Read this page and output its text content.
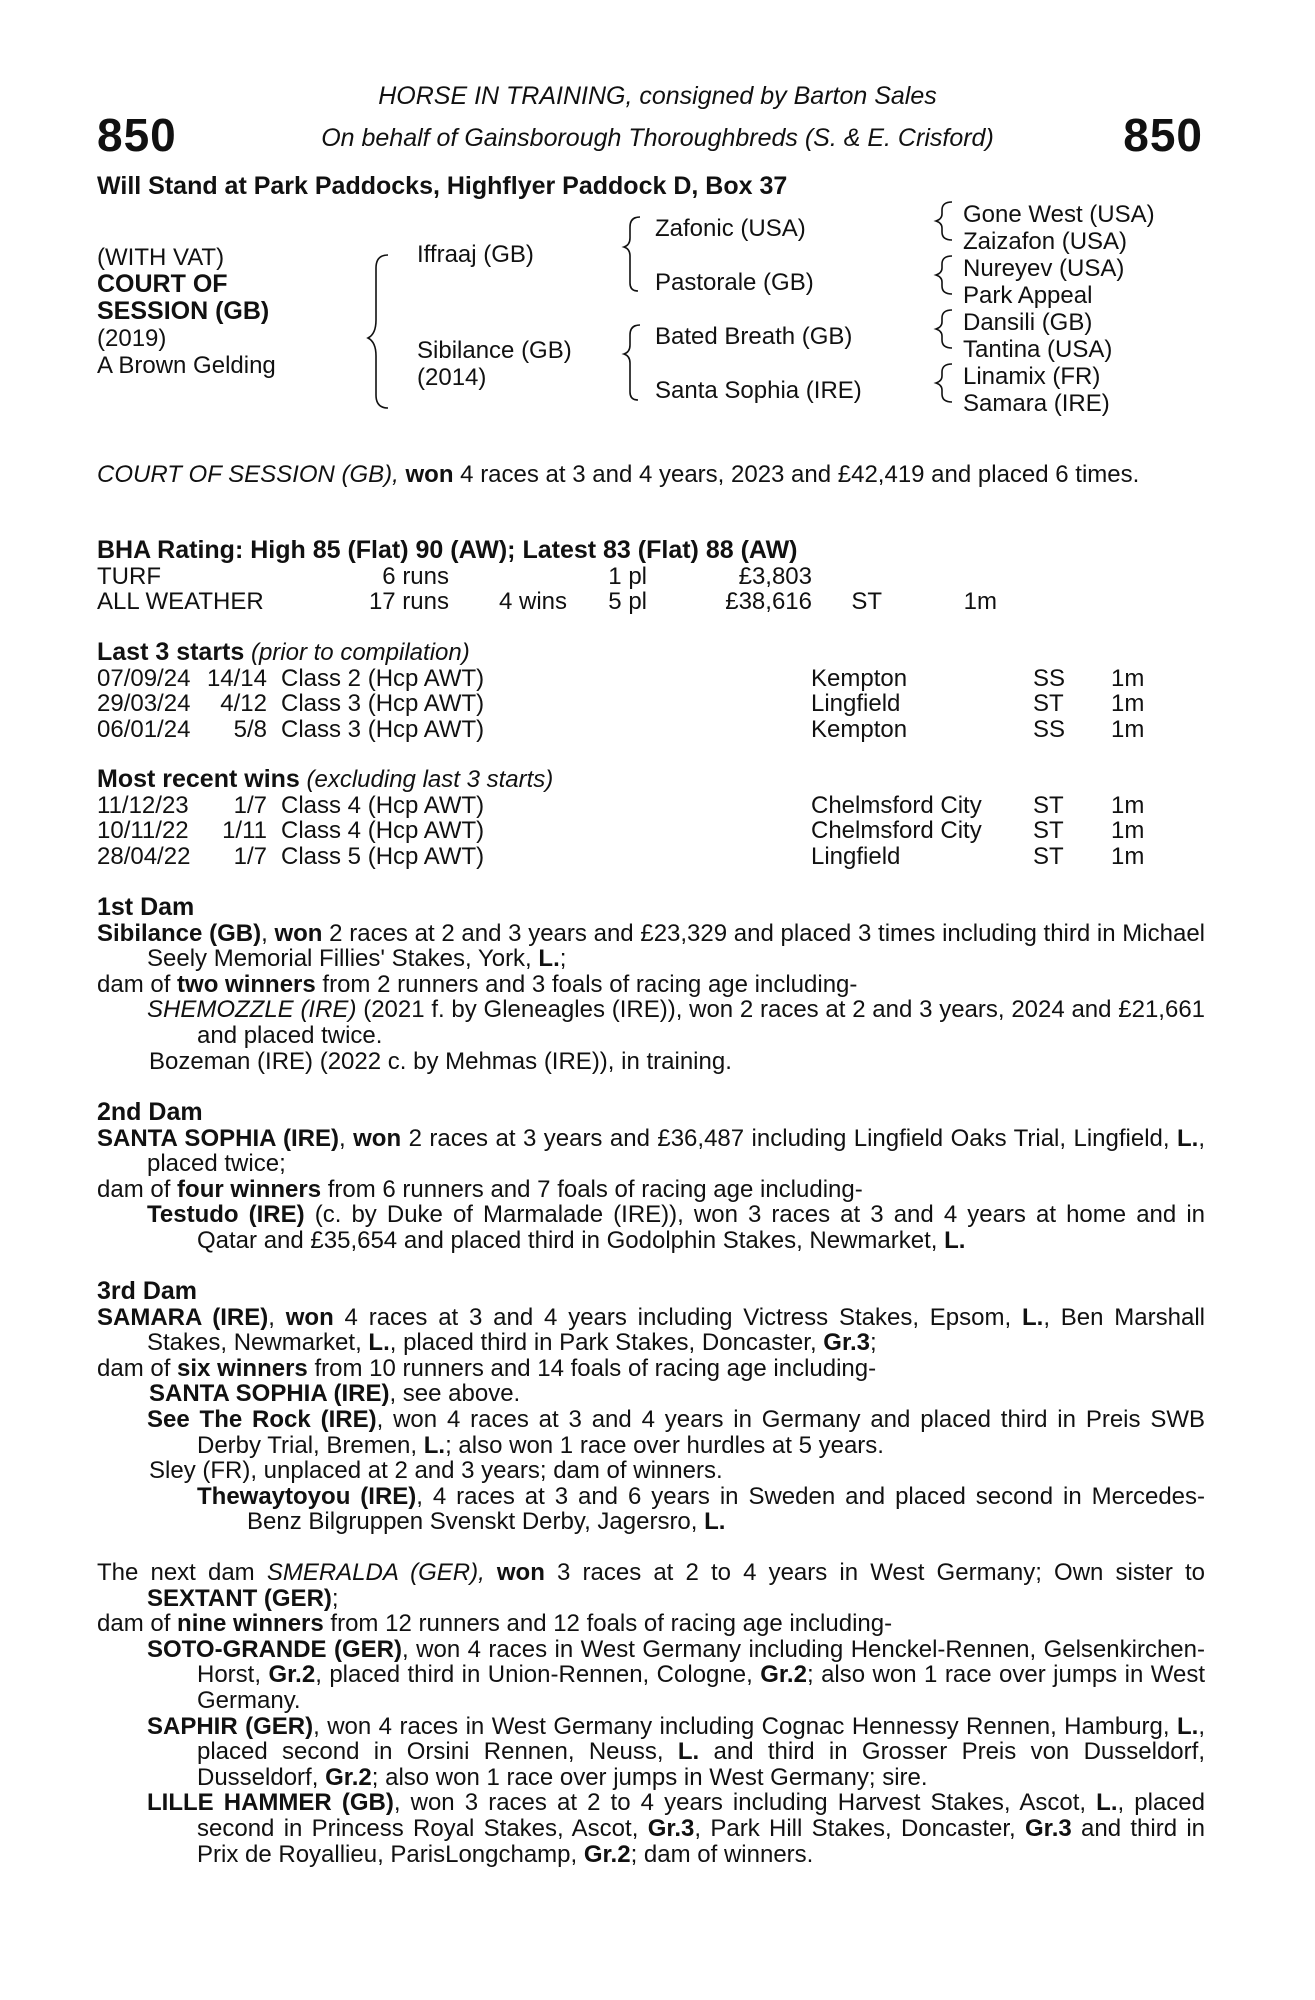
850	850
HORSE IN TRAINING, consigned by Barton Sales
On behalf of Gainsborough Thoroughbreds (S. & E. Crisford)
Will Stand at Park Paddocks, Highflyer Paddock D, Box 37
(WITH VAT)
COURT OF
SESSION (GB)
(2019)
A Brown Gelding
Iffraaj (GB)
Sibilance (GB)
(2014)
Zafonic (USA)
Pastorale (GB)
Bated Breath (GB)
Santa Sophia (IRE)
Gone West (USA)
Zaizafon (USA)
Nureyev (USA)
Park Appeal
Dansili (GB)
Tantina (USA)
Linamix (FR)
Samara (IRE)
COURT OF SESSION (GB), won 4 races at 3 and 4 years, 2023 and £42,419 and placed 6 times.
BHA Rating: High 85 (Flat) 90 (AW); Latest 83 (Flat) 88 (AW)
TURF	6 runs		1 pl	£3,803		
ALL WEATHER	17 runs	4 wins	5 pl	£38,616	ST	1m
Last 3 starts (prior to compilation)
07/09/24	14/14	Class 2 (Hcp AWT)	Kempton	SS	1m
29/03/24	4/12	Class 3 (Hcp AWT)	Lingfield	ST	1m
06/01/24	5/8	Class 3 (Hcp AWT)	Kempton	SS	1m
Most recent wins (excluding last 3 starts)
11/12/23	1/7	Class 4 (Hcp AWT)	Chelmsford City	ST	1m
10/11/22	1/11	Class 4 (Hcp AWT)	Chelmsford City	ST	1m
28/04/22	1/7	Class 5 (Hcp AWT)	Lingfield	ST	1m
1st Dam
Sibilance (GB), won 2 races at 2 and 3 years and £23,329 and placed 3 times including third in Michael Seely Memorial Fillies' Stakes, York, L.;
dam of two winners from 2 runners and 3 foals of racing age including-
SHEMOZZLE (IRE) (2021 f. by Gleneagles (IRE)), won 2 races at 2 and 3 years, 2024 and £21,661 and placed twice.
Bozeman (IRE) (2022 c. by Mehmas (IRE)), in training.
2nd Dam
SANTA SOPHIA (IRE), won 2 races at 3 years and £36,487 including Lingfield Oaks Trial, Lingfield, L., placed twice;
dam of four winners from 6 runners and 7 foals of racing age including-
Testudo (IRE) (c. by Duke of Marmalade (IRE)), won 3 races at 3 and 4 years at home and in Qatar and £35,654 and placed third in Godolphin Stakes, Newmarket, L.
3rd Dam
SAMARA (IRE), won 4 races at 3 and 4 years including Victress Stakes, Epsom, L., Ben Marshall Stakes, Newmarket, L., placed third in Park Stakes, Doncaster, Gr.3;
dam of six winners from 10 runners and 14 foals of racing age including-
SANTA SOPHIA (IRE), see above.
See The Rock (IRE), won 4 races at 3 and 4 years in Germany and placed third in Preis SWB Derby Trial, Bremen, L.; also won 1 race over hurdles at 5 years.
Sley (FR), unplaced at 2 and 3 years; dam of winners.
Thewaytoyou (IRE), 4 races at 3 and 6 years in Sweden and placed second in Mercedes-Benz Bilgruppen Svenskt Derby, Jagersro, L.
The next dam SMERALDA (GER), won 3 races at 2 to 4 years in West Germany; Own sister to SEXTANT (GER);
dam of nine winners from 12 runners and 12 foals of racing age including-
SOTO-GRANDE (GER), won 4 races in West Germany including Henckel-Rennen, Gelsenkirchen-Horst, Gr.2, placed third in Union-Rennen, Cologne, Gr.2; also won 1 race over jumps in West Germany.
SAPHIR (GER), won 4 races in West Germany including Cognac Hennessy Rennen, Hamburg, L., placed second in Orsini Rennen, Neuss, L. and third in Grosser Preis von Dusseldorf, Dusseldorf, Gr.2; also won 1 race over jumps in West Germany; sire.
LILLE HAMMER (GB), won 3 races at 2 to 4 years including Harvest Stakes, Ascot, L., placed second in Princess Royal Stakes, Ascot, Gr.3, Park Hill Stakes, Doncaster, Gr.3 and third in Prix de Royallieu, ParisLongchamp, Gr.2; dam of winners.
